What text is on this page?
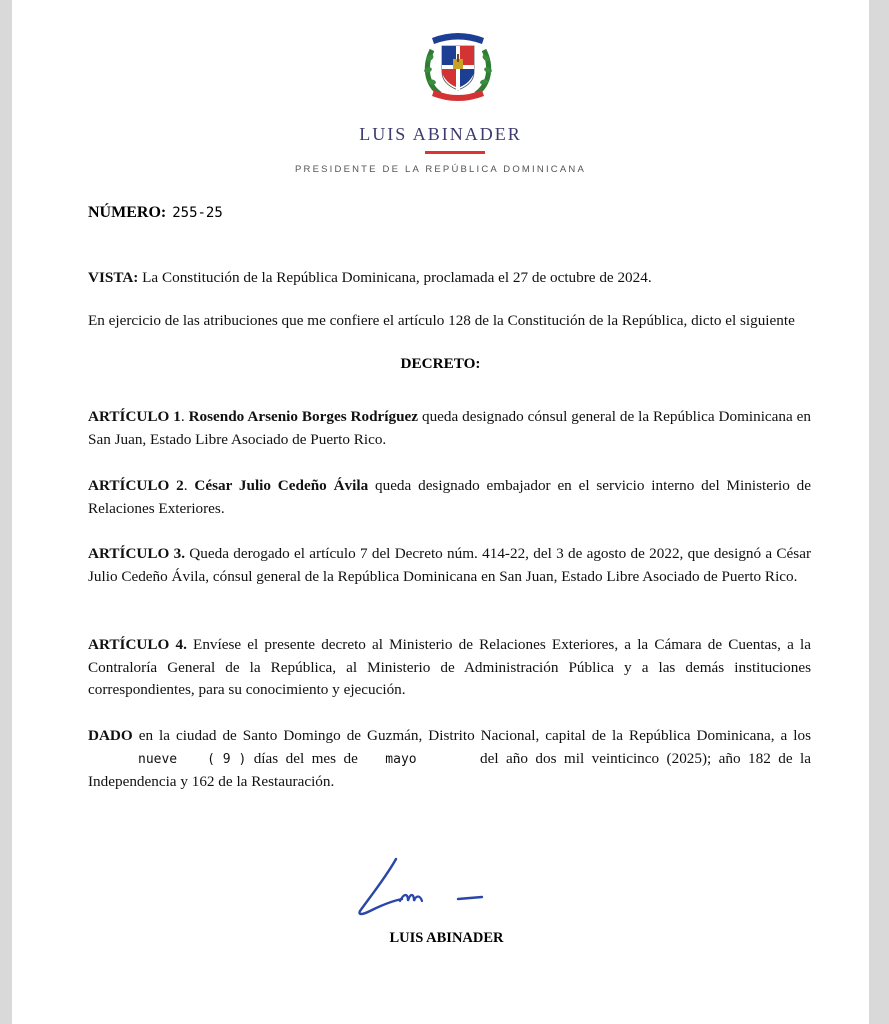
LUIS ABINADER
PRESIDENTE DE LA REPÚBLICA DOMINICANA
NÚMERO: 255-25
VISTA: La Constitución de la República Dominicana, proclamada el 27 de octubre de 2024.
En ejercicio de las atribuciones que me confiere el artículo 128 de la Constitución de la República, dicto el siguiente
DECRETO:
ARTÍCULO 1. Rosendo Arsenio Borges Rodríguez queda designado cónsul general de la República Dominicana en San Juan, Estado Libre Asociado de Puerto Rico.
ARTÍCULO 2. César Julio Cedeño Ávila queda designado embajador en el servicio interno del Ministerio de Relaciones Exteriores.
ARTÍCULO 3. Queda derogado el artículo 7 del Decreto núm. 414-22, del 3 de agosto de 2022, que designó a César Julio Cedeño Ávila, cónsul general de la República Dominicana en San Juan, Estado Libre Asociado de Puerto Rico.
ARTÍCULO 4. Envíese el presente decreto al Ministerio de Relaciones Exteriores, a la Cámara de Cuentas, a la Contraloría General de la República, al Ministerio de Administración Pública y a las demás instituciones correspondientes, para su conocimiento y ejecución.
DADO en la ciudad de Santo Domingo de Guzmán, Distrito Nacional, capital de la República Dominicana, a los nueve ( 9 ) días del mes de mayo	del año dos mil veinticinco (2025); año 182 de la Independencia y 162 de la Restauración.
LUIS ABINADER
